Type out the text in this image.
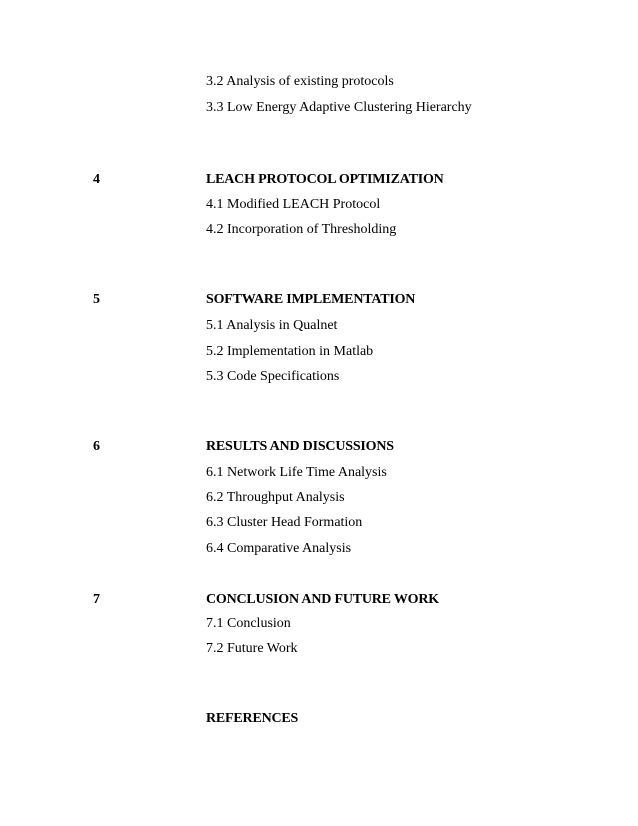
3.2 Analysis of existing protocols
3.3 Low Energy Adaptive Clustering Hierarchy
4	LEACH PROTOCOL OPTIMIZATION
4.1 Modified LEACH Protocol
4.2 Incorporation of Thresholding
5	SOFTWARE IMPLEMENTATION
5.1 Analysis in Qualnet
5.2 Implementation in Matlab
5.3 Code Specifications
6	RESULTS AND DISCUSSIONS
6.1 Network Life Time Analysis
6.2 Throughput Analysis
6.3 Cluster Head Formation
6.4 Comparative Analysis
7	CONCLUSION AND FUTURE WORK
7.1 Conclusion
7.2 Future Work
REFERENCES
